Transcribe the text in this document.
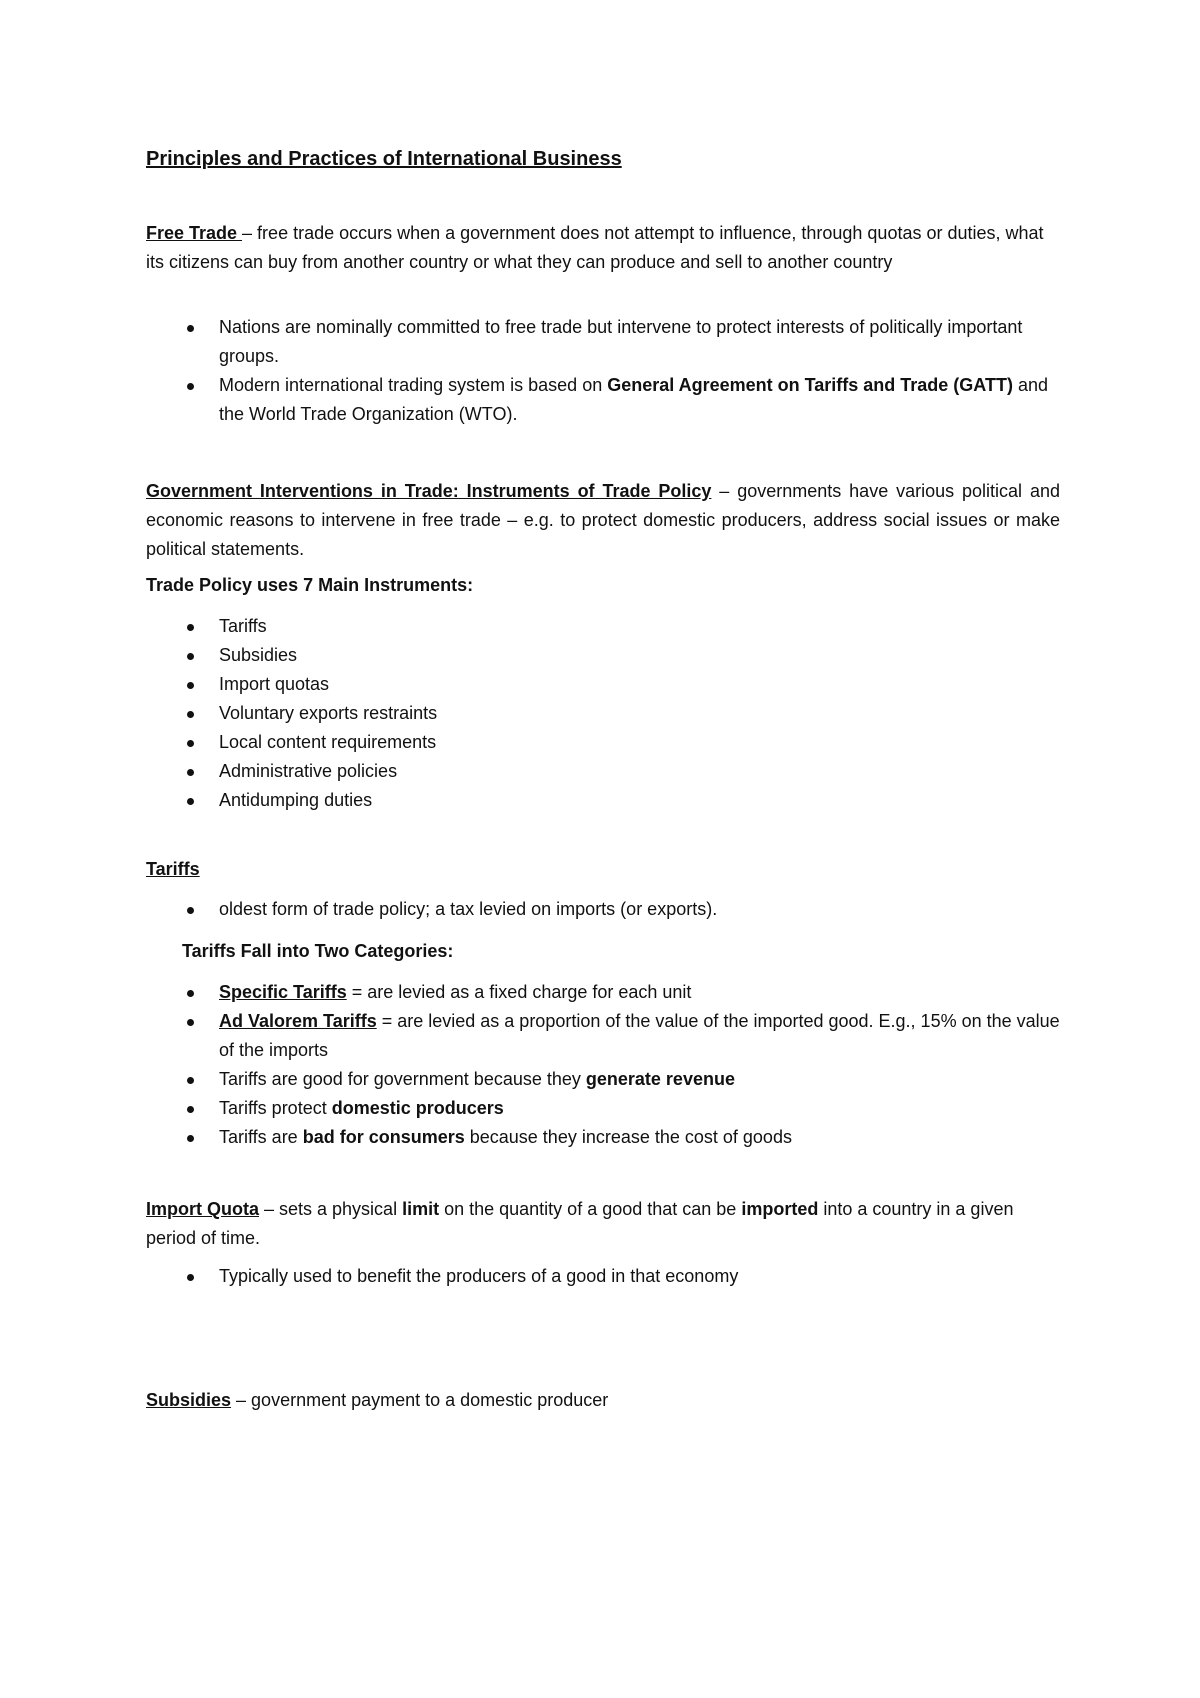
Principles and Practices of International Business

Free Trade – free trade occurs when a government does not attempt to influence, through quotas or duties, what its citizens can buy from another country or what they can produce and sell to another country

Nations are nominally committed to free trade but intervene to protect interests of politically important groups.
Modern international trading system is based on General Agreement on Tariffs and Trade (GATT) and the World Trade Organization (WTO).

Government Interventions in Trade: Instruments of Trade Policy – governments have various political and economic reasons to intervene in free trade – e.g. to protect domestic producers, address social issues or make political statements.

Trade Policy uses 7 Main Instruments:
Tariffs
Subsidies
Import quotas
Voluntary exports restraints
Local content requirements
Administrative policies
Antidumping duties
Tariffs
oldest form of trade policy; a tax levied on imports (or exports).
Tariffs Fall into Two Categories:
Specific Tariffs = are levied as a fixed charge for each unit
Ad Valorem Tariffs = are levied as a proportion of the value of the imported good. E.g., 15% on the value of the imports
Tariffs are good for government because they generate revenue
Tariffs protect domestic producers
Tariffs are bad for consumers because they increase the cost of goods

Import Quota – sets a physical limit on the quantity of a good that can be imported into a country in a given period of time.

Typically used to benefit the producers of a good in that economy

Subsidies – government payment to a domestic producer
